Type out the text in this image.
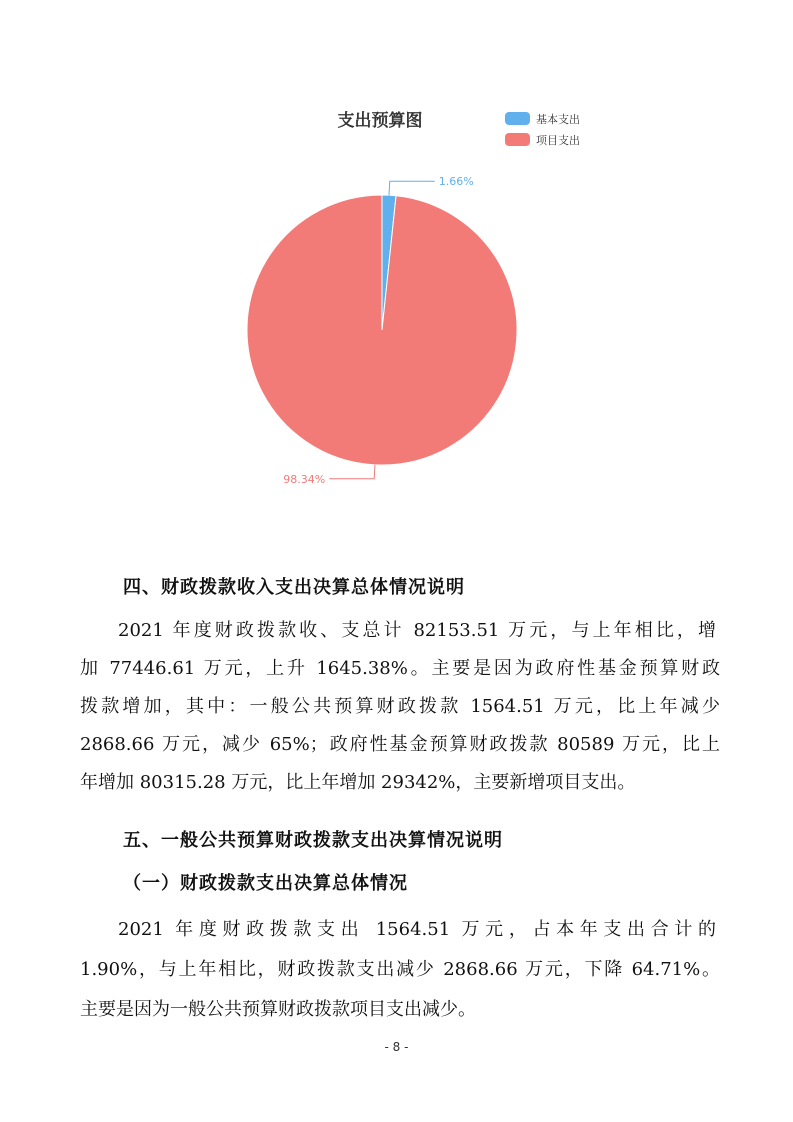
支出预算图	基本支出
项目支出
1.66%
98.34%
四、财政拨款收入支出决算总体情况说明
2021 年度财政拨款收、支总计 82153.51 万元，与上年相比，增
加 77446.61 万元，上升 1645.38%。主要是因为政府性基金预算财政
拨款增加，其中：一般公共预算财政拨款 1564.51 万元，比上年减少
2868.66 万元，减少 65%；政府性基金预算财政拨款 80589 万元，比上
年增加 80315.28 万元，比上年增加 29342%，主要新增项目支出。
五、一般公共预算财政拨款支出决算情况说明
（一）财政拨款支出决算总体情况
2021 年度财政拨款支出 1564.51 万元，占本年支出合计的
1.90%，与上年相比，财政拨款支出减少 2868.66 万元，下降 64.71%。
主要是因为一般公共预算财政拨款项目支出减少。
- 8 -
